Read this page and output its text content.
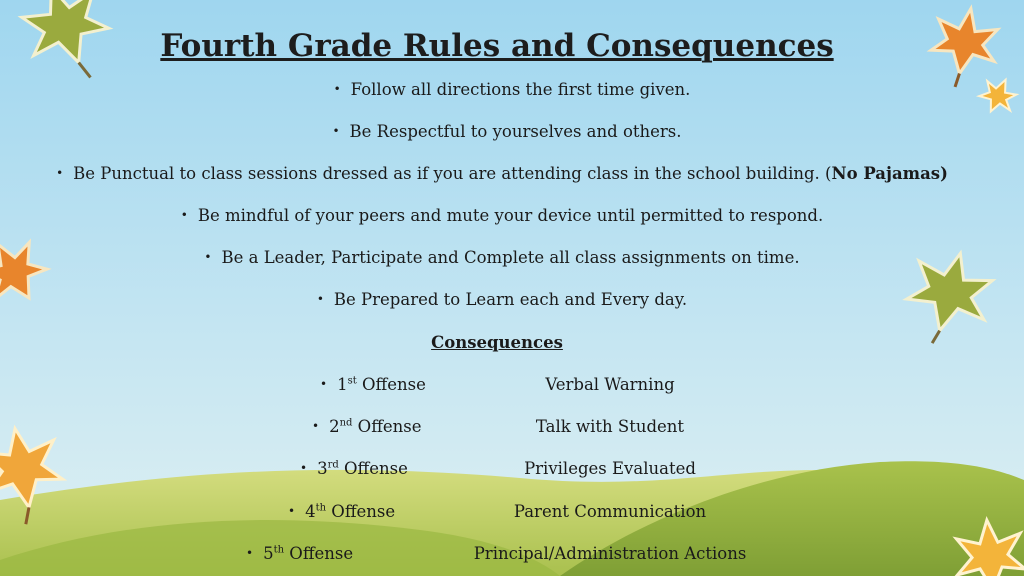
Fourth Grade Rules and Consequences
• Follow all directions the first time given.
• Be Respectful to yourselves and others.
• Be Punctual to class sessions dressed as if you are attending class in the school building. (No Pajamas)
• Be mindful of your peers and mute your device until permitted to respond.
• Be a Leader, Participate and Complete all class assignments on time.
• Be Prepared to Learn each and Every day.
Consequences
• 1st Offense	Verbal Warning
• 2nd Offense	Talk with Student
• 3rd Offense	Privileges Evaluated
• 4th Offense	Parent Communication
• 5th Offense	Principal/Administration Actions
